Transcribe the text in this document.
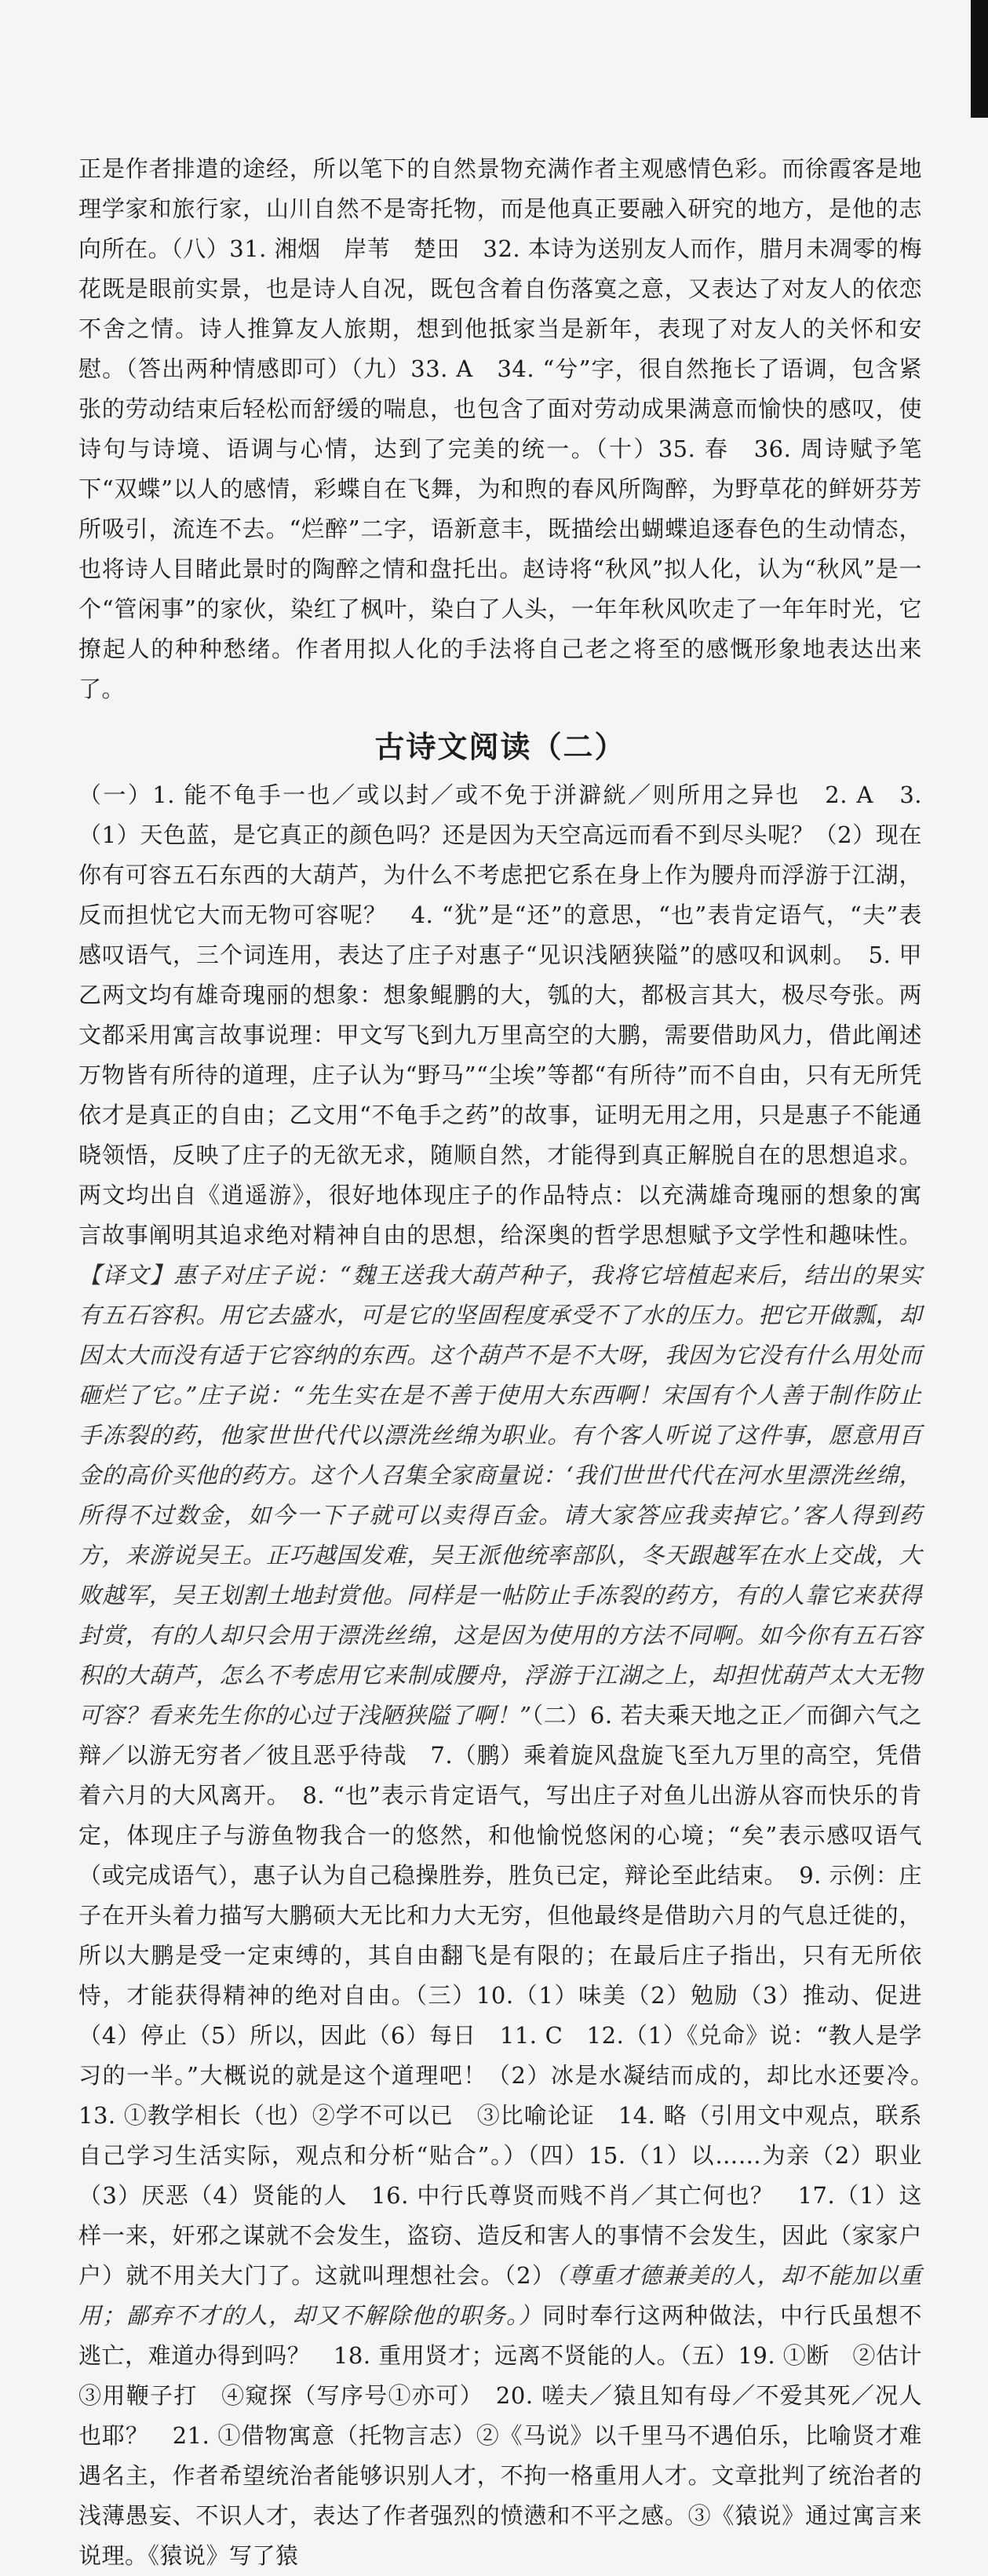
正是作者排遣的途经，所以笔下的自然景物充满作者主观感情色彩。而徐霞客是地理学家和旅行家，山川自然不是寄托物，而是他真正要融入研究的地方，是他的志向所在。（八）31. 湘烟　岸苇　楚田　32. 本诗为送别友人而作，腊月未凋零的梅花既是眼前实景，也是诗人自况，既包含着自伤落寞之意，又表达了对友人的依恋不舍之情。诗人推算友人旅期，想到他抵家当是新年，表现了对友人的关怀和安慰。（答出两种情感即可）（九）33. A　34. “兮”字，很自然拖长了语调，包含紧张的劳动结束后轻松而舒缓的喘息，也包含了面对劳动成果满意而愉快的感叹，使诗句与诗境、语调与心情，达到了完美的统一。（十）35. 春　36. 周诗赋予笔下“双蝶”以人的感情，彩蝶自在飞舞，为和煦的春风所陶醉，为野草花的鲜妍芬芳所吸引，流连不去。“烂醉”二字，语新意丰，既描绘出蝴蝶追逐春色的生动情态，也将诗人目睹此景时的陶醉之情和盘托出。赵诗将“秋风”拟人化，认为“秋风”是一个“管闲事”的家伙，染红了枫叶，染白了人头，一年年秋风吹走了一年年时光，它撩起人的种种愁绪。作者用拟人化的手法将自己老之将至的感慨形象地表达出来了。

古诗文阅读（二）

（一）1. 能不龟手一也／或以封／或不免于洴澼絖／则所用之异也　2. A　3.（1）天色蓝，是它真正的颜色吗？还是因为天空高远而看不到尽头呢？（2）现在你有可容五石东西的大葫芦，为什么不考虑把它系在身上作为腰舟而浮游于江湖，反而担忧它大而无物可容呢？　4. “犹”是“还”的意思，“也”表肯定语气，“夫”表感叹语气，三个词连用，表达了庄子对惠子“见识浅陋狭隘”的感叹和讽刺。　5. 甲乙两文均有雄奇瑰丽的想象：想象鲲鹏的大，瓠的大，都极言其大，极尽夸张。两文都采用寓言故事说理：甲文写飞到九万里高空的大鹏，需要借助风力，借此阐述万物皆有所待的道理，庄子认为“野马”“尘埃”等都“有所待”而不自由，只有无所凭依才是真正的自由；乙文用“不龟手之药”的故事，证明无用之用，只是惠子不能通晓领悟，反映了庄子的无欲无求，随顺自然，才能得到真正解脱自在的思想追求。两文均出自《逍遥游》，很好地体现庄子的作品特点：以充满雄奇瑰丽的想象的寓言故事阐明其追求绝对精神自由的思想，给深奥的哲学思想赋予文学性和趣味性。【译文】惠子对庄子说：“魏王送我大葫芦种子，我将它培植起来后，结出的果实有五石容积。用它去盛水，可是它的坚固程度承受不了水的压力。把它开做瓢，却因太大而没有适于它容纳的东西。这个葫芦不是不大呀，我因为它没有什么用处而砸烂了它。”庄子说：“先生实在是不善于使用大东西啊！宋国有个人善于制作防止手冻裂的药，他家世世代代以漂洗丝绵为职业。有个客人听说了这件事，愿意用百金的高价买他的药方。这个人召集全家商量说：‘我们世世代代在河水里漂洗丝绵，所得不过数金，如今一下子就可以卖得百金。请大家答应我卖掉它。’客人得到药方，来游说吴王。正巧越国发难，吴王派他统率部队，冬天跟越军在水上交战，大败越军，吴王划割土地封赏他。同样是一帖防止手冻裂的药方，有的人靠它来获得封赏，有的人却只会用于漂洗丝绵，这是因为使用的方法不同啊。如今你有五石容积的大葫芦，怎么不考虑用它来制成腰舟，浮游于江湖之上，却担忧葫芦太大无物可容？看来先生你的心过于浅陋狭隘了啊！”（二）6. 若夫乘天地之正／而御六气之辩／以游无穷者／彼且恶乎待哉　7.（鹏）乘着旋风盘旋飞至九万里的高空，凭借着六月的大风离开。　8. “也”表示肯定语气，写出庄子对鱼儿出游从容而快乐的肯定，体现庄子与游鱼物我合一的悠然，和他愉悦悠闲的心境；“矣”表示感叹语气（或完成语气），惠子认为自己稳操胜券，胜负已定，辩论至此结束。　9. 示例：庄子在开头着力描写大鹏硕大无比和力大无穷，但他最终是借助六月的气息迁徙的，所以大鹏是受一定束缚的，其自由翻飞是有限的；在最后庄子指出，只有无所依恃，才能获得精神的绝对自由。（三）10.（1）味美（2）勉励（3）推动、促进（4）停止（5）所以，因此（6）每日　11. C　12.（1）《兑命》说：“教人是学习的一半。”大概说的就是这个道理吧！（2）冰是水凝结而成的，却比水还要冷。　13. ①教学相长（也）②学不可以已　③比喻论证　14. 略（引用文中观点，联系自己学习生活实际，观点和分析“贴合”。）（四）15.（1）以……为亲（2）职业（3）厌恶（4）贤能的人　16. 中行氏尊贤而贱不肖／其亡何也？　17.（1）这样一来，奸邪之谋就不会发生，盗窃、造反和害人的事情不会发生，因此（家家户户）就不用关大门了。这就叫理想社会。（2）（尊重才德兼美的人，却不能加以重用；鄙弃不才的人，却又不解除他的职务。）同时奉行这两种做法，中行氏虽想不逃亡，难道办得到吗？　18. 重用贤才；远离不贤能的人。（五）19. ①断　②估计　③用鞭子打　④窥探（写序号①亦可）　20. 嗟夫／猿且知有母／不爱其死／况人也耶？　21. ①借物寓意（托物言志）②《马说》以千里马不遇伯乐，比喻贤才难遇名主，作者希望统治者能够识别人才，不拘一格重用人才。文章批判了统治者的浅薄愚妄、不识人才，表达了作者强烈的愤懑和不平之感。③《猿说》通过寓言来说理。《猿说》写了猿
